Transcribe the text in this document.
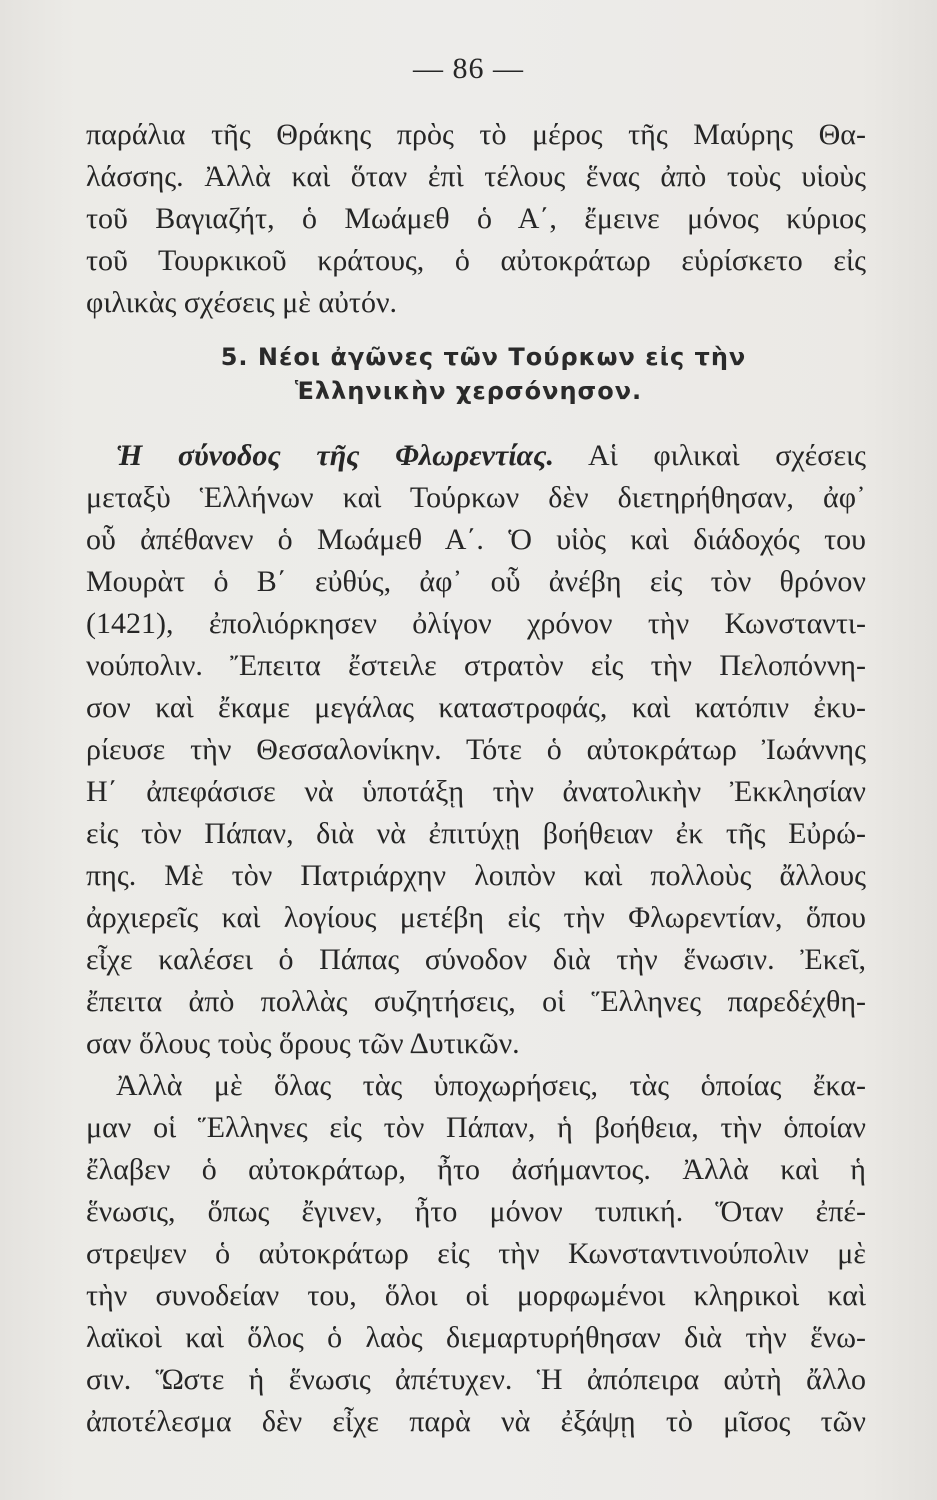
— 86 —
παράλια τῆς Θράκης πρὸς τὸ μέρος τῆς Μαύρης Θα-
λάσσης. Ἀλλὰ καὶ ὅταν ἐπὶ τέλους ἕνας ἀπὸ τοὺς υἱοὺς
τοῦ Βαγιαζήτ, ὁ Μωάμεθ ὁ Α΄, ἔμεινε μόνος κύριος
τοῦ Τουρκικοῦ κράτους, ὁ αὐτοκράτωρ εὑρίσκετο εἰς
φιλικὰς σχέσεις μὲ αὐτόν.
5. Νέοι ἀγῶνες τῶν Τούρκων εἰς τὴν
Ἑλληνικὴν χερσόνησον.
Ἡ σύνοδος τῆς Φλωρεντίας. Αἱ φιλικαὶ σχέσεις
μεταξὺ Ἑλλήνων καὶ Τούρκων δὲν διετηρήθησαν, ἀφ᾽
οὗ ἀπέθανεν ὁ Μωάμεθ Α΄. Ὁ υἱὸς καὶ διάδοχός του
Μουρὰτ ὁ Β΄ εὐθύς, ἀφ᾽ οὗ ἀνέβη εἰς τὸν θρόνον
(1421), ἐπολιόρκησεν ὀλίγον χρόνον τὴν Κωνσταντι-
νούπολιν. Ἔπειτα ἔστειλε στρατὸν εἰς τὴν Πελοπόννη-
σον καὶ ἔκαμε μεγάλας καταστροφάς, καὶ κατόπιν ἐκυ-
ρίευσε τὴν Θεσσαλονίκην. Τότε ὁ αὐτοκράτωρ Ἰωάννης
Η΄ ἀπεφάσισε νὰ ὑποτάξῃ τὴν ἀνατολικὴν Ἐκκλησίαν
εἰς τὸν Πάπαν, διὰ νὰ ἐπιτύχῃ βοήθειαν ἐκ τῆς Εὐρώ-
πης. Μὲ τὸν Πατριάρχην λοιπὸν καὶ πολλοὺς ἄλλους
ἀρχιερεῖς καὶ λογίους μετέβη εἰς τὴν Φλωρεντίαν, ὅπου
εἶχε καλέσει ὁ Πάπας σύνοδον διὰ τὴν ἕνωσιν. Ἐκεῖ,
ἔπειτα ἀπὸ πολλὰς συζητήσεις, οἱ Ἕλληνες παρεδέχθη-
σαν ὅλους τοὺς ὅρους τῶν Δυτικῶν.
Ἀλλὰ μὲ ὅλας τὰς ὑποχωρήσεις, τὰς ὁποίας ἔκα-
μαν οἱ Ἕλληνες εἰς τὸν Πάπαν, ἡ βοήθεια, τὴν ὁποίαν
ἔλαβεν ὁ αὐτοκράτωρ, ἦτο ἀσήμαντος. Ἀλλὰ καὶ ἡ
ἕνωσις, ὅπως ἔγινεν, ἦτο μόνον τυπική. Ὅταν ἐπέ-
στρεψεν ὁ αὐτοκράτωρ εἰς τὴν Κωνσταντινούπολιν μὲ
τὴν συνοδείαν του, ὅλοι οἱ μορφωμένοι κληρικοὶ καὶ
λαϊκοὶ καὶ ὅλος ὁ λαὸς διεμαρτυρήθησαν διὰ τὴν ἕνω-
σιν. Ὥστε ἡ ἕνωσις ἀπέτυχεν. Ἡ ἀπόπειρα αὐτὴ ἄλλο
ἀποτέλεσμα δὲν εἶχε παρὰ νὰ ἐξάψῃ τὸ μῖσος τῶν
